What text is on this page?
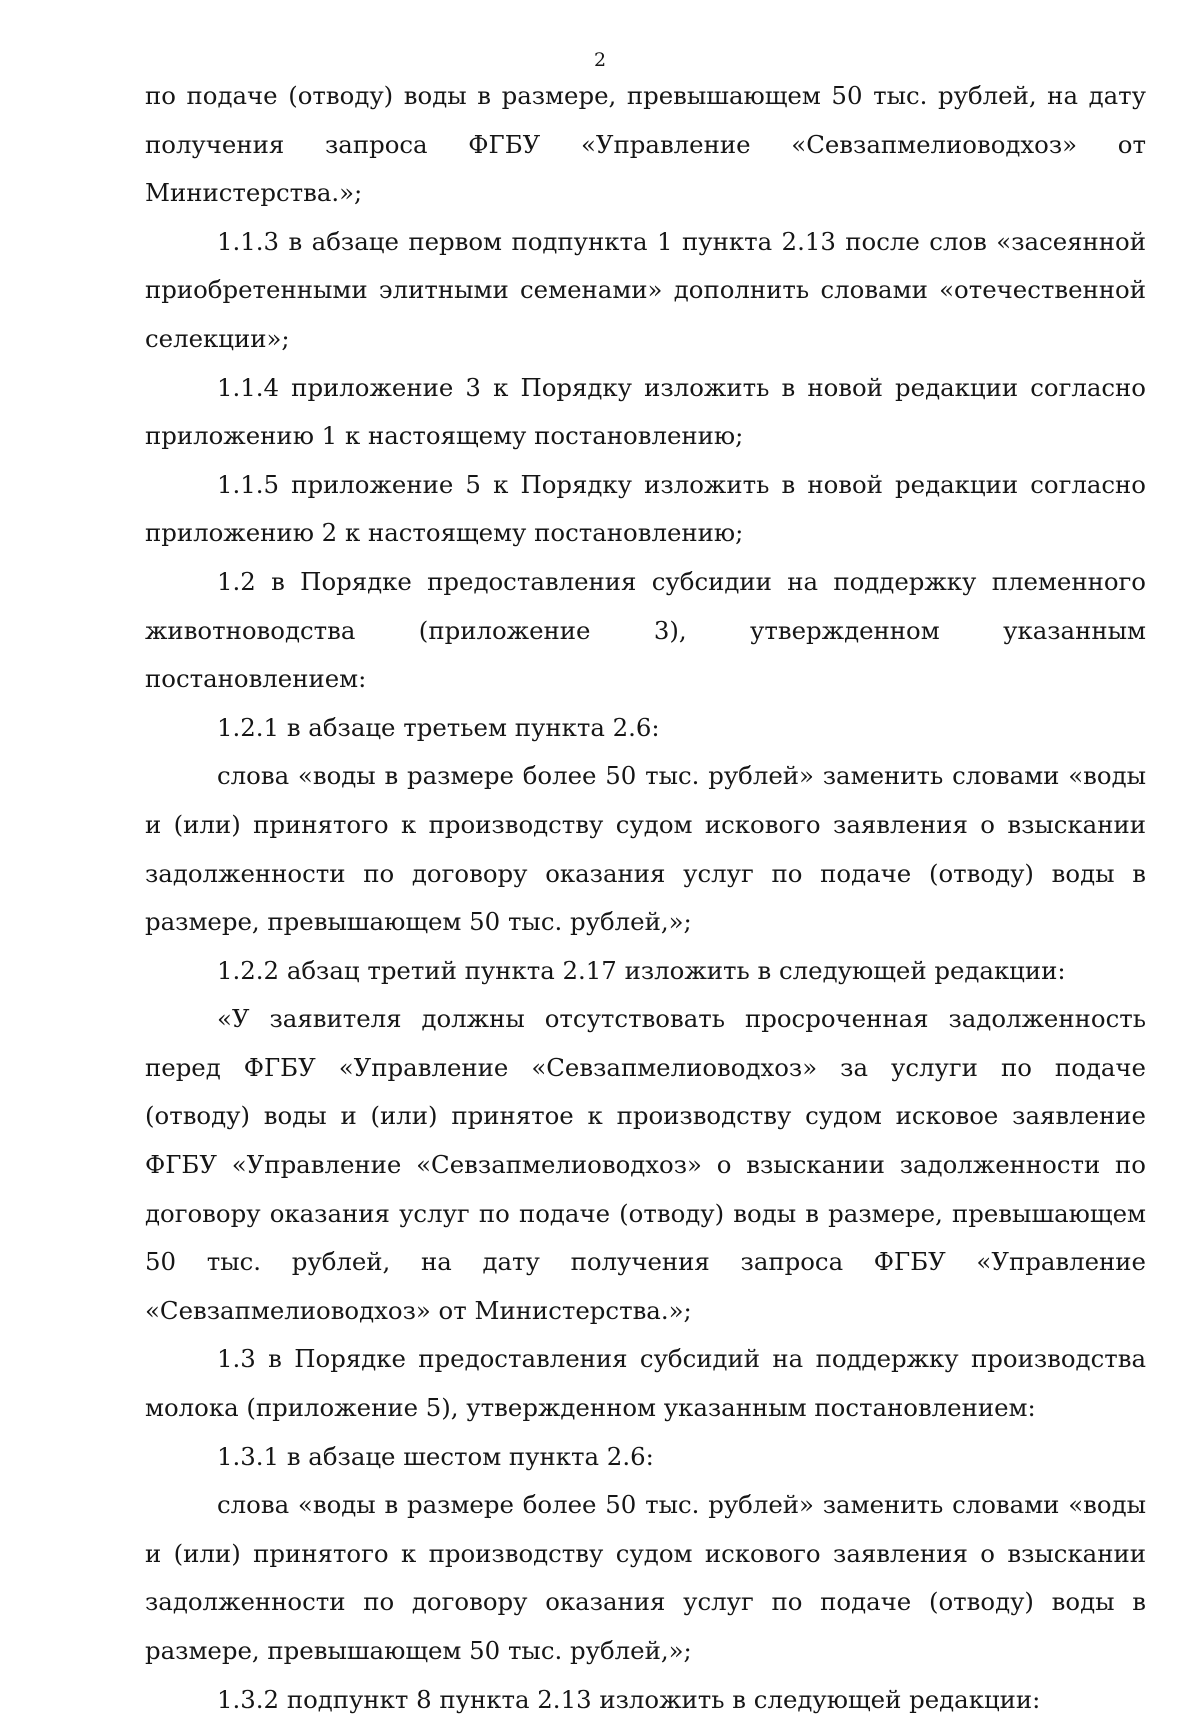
2

по подаче (отводу) воды в размере, превышающем 50 тыс. рублей, на дату получения запроса ФГБУ «Управление «Севзапмелиоводхоз» от Министерства.»;

1.1.3 в абзаце первом подпункта 1 пункта 2.13 после слов «засеянной приобретенными элитными семенами» дополнить словами «отечественной селекции»;

1.1.4 приложение 3 к Порядку изложить в новой редакции согласно приложению 1 к настоящему постановлению;

1.1.5 приложение 5 к Порядку изложить в новой редакции согласно приложению 2 к настоящему постановлению;

1.2 в Порядке предоставления субсидии на поддержку племенного животноводства (приложение 3), утвержденном указанным постановлением:

1.2.1 в абзаце третьем пункта 2.6:

слова «воды в размере более 50 тыс. рублей» заменить словами «воды и (или) принятого к производству судом искового заявления о взыскании задолженности по договору оказания услуг по подаче (отводу) воды в размере, превышающем 50 тыс. рублей,»;

1.2.2 абзац третий пункта 2.17 изложить в следующей редакции:

«У заявителя должны отсутствовать просроченная задолженность перед ФГБУ «Управление «Севзапмелиоводхоз» за услуги по подаче (отводу) воды и (или) принятое к производству судом исковое заявление ФГБУ «Управление «Севзапмелиоводхоз» о взыскании задолженности по договору оказания услуг по подаче (отводу) воды в размере, превышающем 50 тыс. рублей, на дату получения запроса ФГБУ «Управление «Севзапмелиоводхоз» от Министерства.»;

1.3 в Порядке предоставления субсидий на поддержку производства молока (приложение 5), утвержденном указанным постановлением:

1.3.1 в абзаце шестом пункта 2.6:

слова «воды в размере более 50 тыс. рублей» заменить словами «воды и (или) принятого к производству судом искового заявления о взыскании задолженности по договору оказания услуг по подаче (отводу) воды в размере, превышающем 50 тыс. рублей,»;

1.3.2 подпункт 8 пункта 2.13 изложить в следующей редакции:
